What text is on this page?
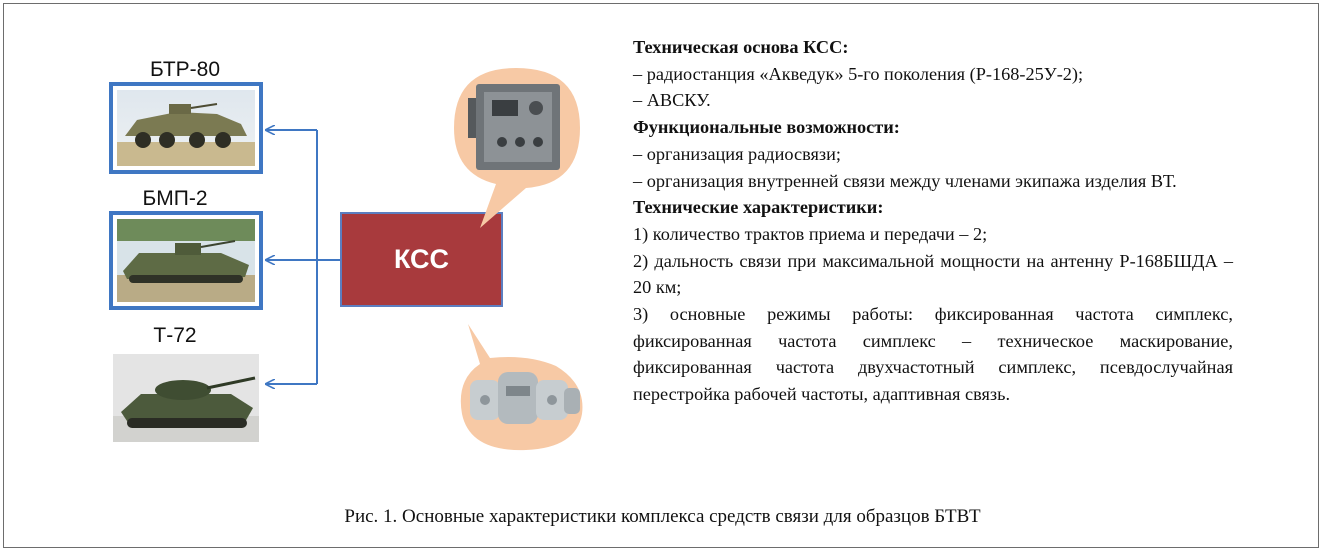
БТР-80
БМП-2
Т-72
КСС

Техническая основа КСС:

– радиостанция «Акведук» 5-го поколения (Р-168-25У-2);

– АВСКУ.

Функциональные возможности:

– организация радиосвязи;

– организация внутренней связи между членами экипажа изделия ВТ.

Технические характеристики:

1) количество трактов приема и передачи – 2;

2) дальность связи при максимальной мощности на антенну Р-168БШДА – 20 км;

3) основные режимы работы: фиксированная частота симплекс, фиксированная частота симплекс – техническое маскирование, фиксированная частота двухчастотный симплекс, псевдослучайная перестройка рабочей частоты, адаптивная связь.

Рис. 1. Основные характеристики комплекса средств связи для образцов БТВТ
